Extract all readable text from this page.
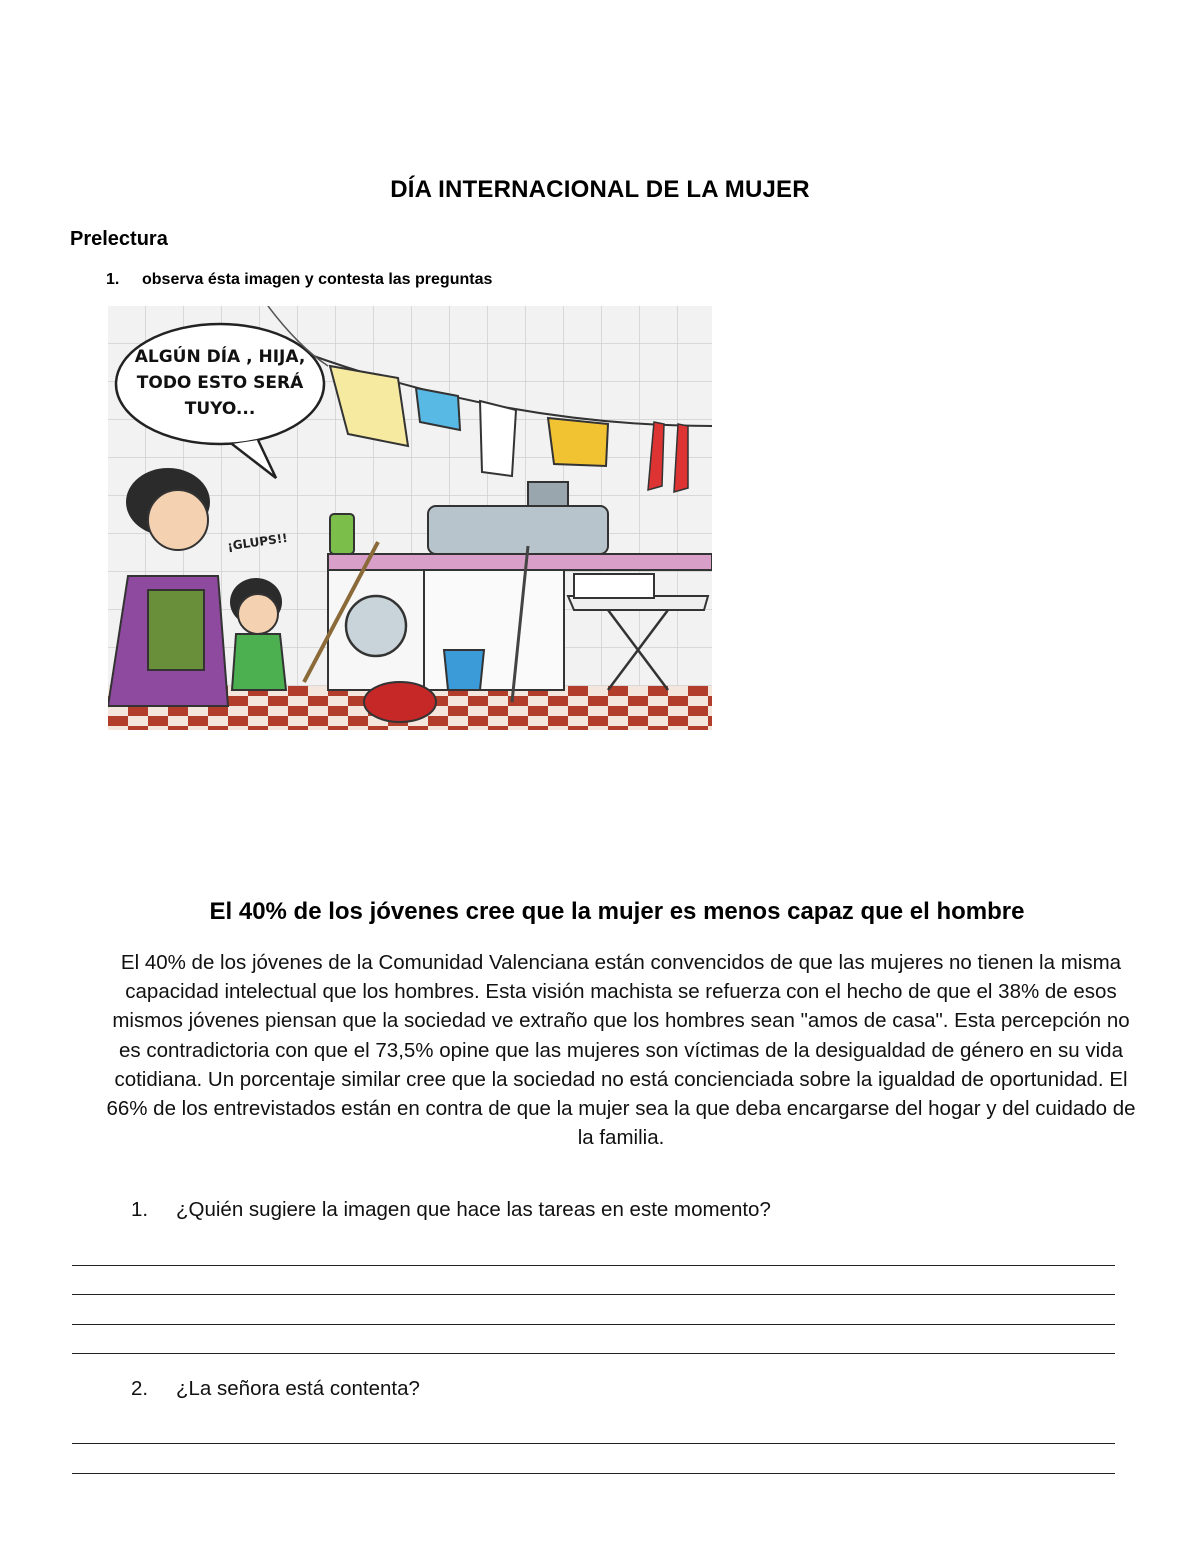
DÍA INTERNACIONAL DE LA MUJER
Prelectura
1. observa ésta imagen y contesta las preguntas
ALGÚN DÍA , HIJA,
TODO ESTO SERÁ
TUYO...
¡GLUPS!!
El 40% de los jóvenes cree que la mujer es menos capaz que el hombre
El 40% de los jóvenes de la Comunidad Valenciana están convencidos de que las mujeres no tienen la misma capacidad intelectual que los hombres. Esta visión machista se refuerza con el hecho de que el 38% de esos mismos jóvenes piensan que la sociedad ve extraño que los hombres sean "amos de casa". Esta percepción no es contradictoria con que el 73,5% opine que las mujeres son víctimas de la desigualdad de género en su vida cotidiana. Un porcentaje similar cree que la sociedad no está concienciada sobre la igualdad de oportunidad. El 66% de los entrevistados están en contra de que la mujer sea la que deba encargarse del hogar y del cuidado de la familia.
1. ¿Quién sugiere la imagen que hace las tareas en este momento?
2. ¿La señora está contenta?
